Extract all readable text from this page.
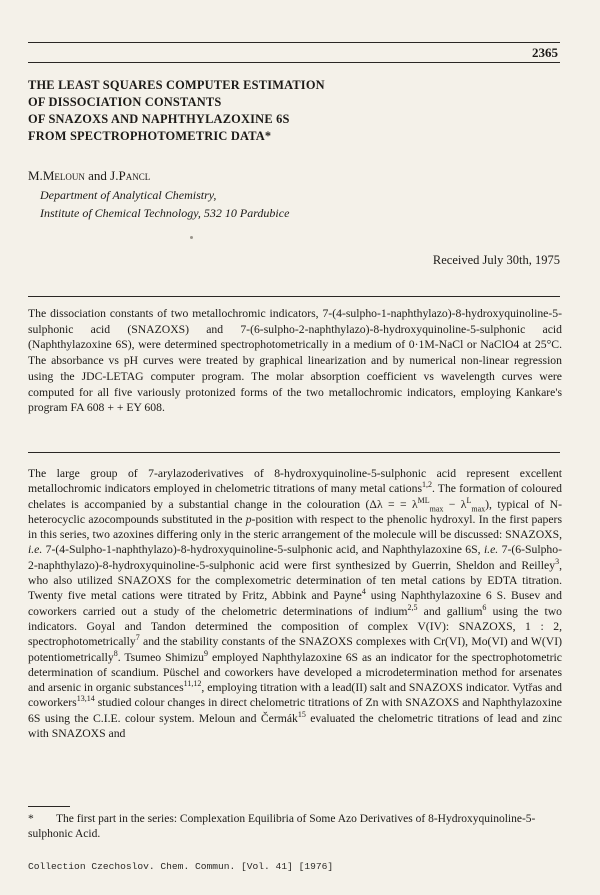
2365
THE LEAST SQUARES COMPUTER ESTIMATION
OF DISSOCIATION CONSTANTS
OF SNAZOXS AND NAPHTHYLAZOXINE 6S
FROM SPECTROPHOTOMETRIC DATA*
M.Meloun and J.Pancl
Department of Analytical Chemistry,
Institute of Chemical Technology, 532 10 Pardubice
Received July 30th, 1975
The dissociation constants of two metallochromic indicators, 7-(4-sulpho-1-naphthylazo)-8-hydroxyquinoline-5-sulphonic acid (SNAZOXS) and 7-(6-sulpho-2-naphthylazo)-8-hydroxyquinoline-5-sulphonic acid (Naphthylazoxine 6S), were determined spectrophotometrically in a medium of 0·1M-NaCl or NaClO4 at 25°C. The absorbance vs pH curves were treated by graphical linearization and by numerical non-linear regression using the JDC-LETAG computer program. The molar absorption coefficient vs wavelength curves were computed for all five variously protonized forms of the two metallochromic indicators, employing Kankare's program FA 608 + + EY 608.
The large group of 7-arylazoderivatives of 8-hydroxyquinoline-5-sulphonic acid represent excellent metallochromic indicators employed in chelometric titrations of many metal cations$^{1,2}$. The formation of coloured chelates is accompanied by a substantial change in the colouration (Δλ = = $\lambda^{ML}_{max} - \lambda^L_{max}$), typical of N-heterocyclic azocompounds substituted in the p-position with respect to the phenolic hydroxyl. In the first papers in this series, two azoxines differing only in the steric arrangement of the molecule will be discussed: SNAZOXS, i.e. 7-(4-Sulpho-1-naphthylazo)-8-hydroxyquinoline-5-sulphonic acid, and Naphthylazoxine 6S, i.e. 7-(6-Sulpho-2-naphthylazo)-8-hydroxyquinoline-5-sulphonic acid were first synthesized by Guerrin, Sheldon and Reilley$^3$, who also utilized SNAZOXS for the complexometric determination of ten metal cations by EDTA titration. Twenty five metal cations were titrated by Fritz, Abbink and Payne$^4$ using Naphthylazoxine 6 S. Busev and coworkers carried out a study of the chelometric determinations of indium$^{2,5}$ and gallium$^6$ using the two indicators. Goyal and Tandon determined the composition of complex V(IV): SNAZOXS, 1 : 2, spectrophotometrically$^7$ and the stability constants of the SNAZOXS complexes with Cr(VI), Mo(VI) and W(VI) potentiometrically$^8$. Tsumeo Shimizu$^9$ employed Naphthylazoxine 6S as an indicator for the spectrophotometric determination of scandium. Püschel and coworkers have developed a microdetermination method for arsenates and arsenic in organic substances$^{11,12}$, employing titration with a lead(II) salt and SNAZOXS indicator. Vytřas and coworkers$^{13,14}$ studied colour changes in direct chelometric titrations of Zn with SNAZOXS and Naphthylazoxine 6S using the C.I.E. colour system. Meloun and Čermák$^{15}$ evaluated the chelometric titrations of lead and zinc with SNAZOXS and
* The first part in the series: Complexation Equilibria of Some Azo Derivatives of 8-Hydroxyquinoline-5-sulphonic Acid.
Collection Czechoslov. Chem. Commun. [Vol. 41] [1976]
